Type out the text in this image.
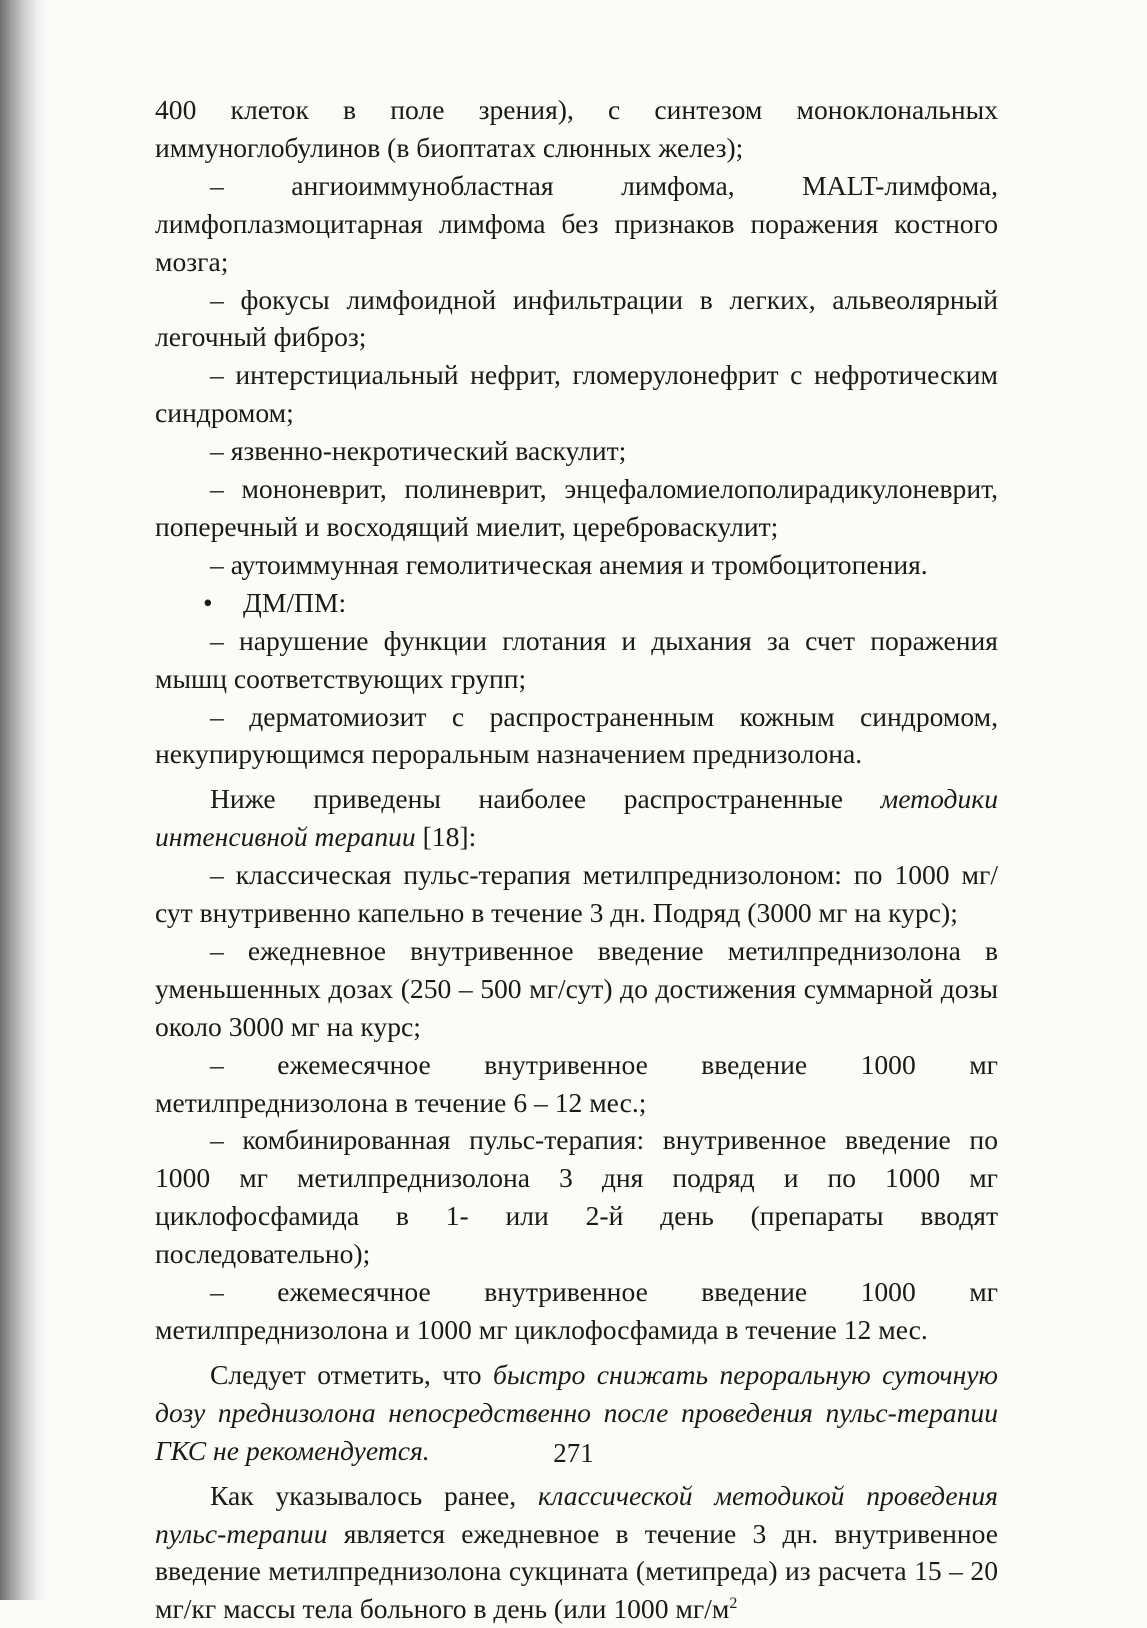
400 клеток в поле зрения), с синтезом моноклональных иммуноглобулинов (в биоптатах слюнных желез);

– ангиоиммунобластная лимфома, MALT-лимфома, лимфоплазмоцитарная лимфома без признаков поражения костного мозга;

– фокусы лимфоидной инфильтрации в легких, альвеолярный легочный фиброз;

– интерстициальный нефрит, гломерулонефрит с нефротическим синдромом;

– язвенно-некротический васкулит;

– мононеврит, полиневрит, энцефаломиелополирадикулоневрит, поперечный и восходящий миелит, цереброваскулит;

– аутоиммунная гемолитическая анемия и тромбоцитопения.

• ДМ/ПМ:

– нарушение функции глотания и дыхания за счет поражения мышц соответствующих групп;

– дерматомиозит с распространенным кожным синдромом, некупирующимся пероральным назначением преднизолона.

Ниже приведены наиболее распространенные методики интенсивной терапии [18]:

– классическая пульс-терапия метилпреднизолоном: по 1000 мг/сут внутривенно капельно в течение 3 дн. Подряд (3000 мг на курс);

– ежедневное внутривенное введение метилпреднизолона в уменьшенных дозах (250 – 500 мг/сут) до достижения суммарной дозы около 3000 мг на курс;

– ежемесячное внутривенное введение 1000 мг метилпреднизолона в течение 6 – 12 мес.;

– комбинированная пульс-терапия: внутривенное введение по 1000 мг метилпреднизолона 3 дня подряд и по 1000 мг циклофосфамида в 1- или 2-й день (препараты вводят последовательно);

– ежемесячное внутривенное введение 1000 мг метилпреднизолона и 1000 мг циклофосфамида в течение 12 мес.

Следует отметить, что быстро снижать пероральную суточную дозу преднизолона непосредственно после проведения пульс-терапии ГКС не рекомендуется.

Как указывалось ранее, классической методикой проведения пульс-терапии является ежедневное в течение 3 дн. внутривенное введение метилпреднизолона сукцината (метипреда) из расчета 15 – 20 мг/кг массы тела больного в день (или 1000 $мг/м^2$

271
